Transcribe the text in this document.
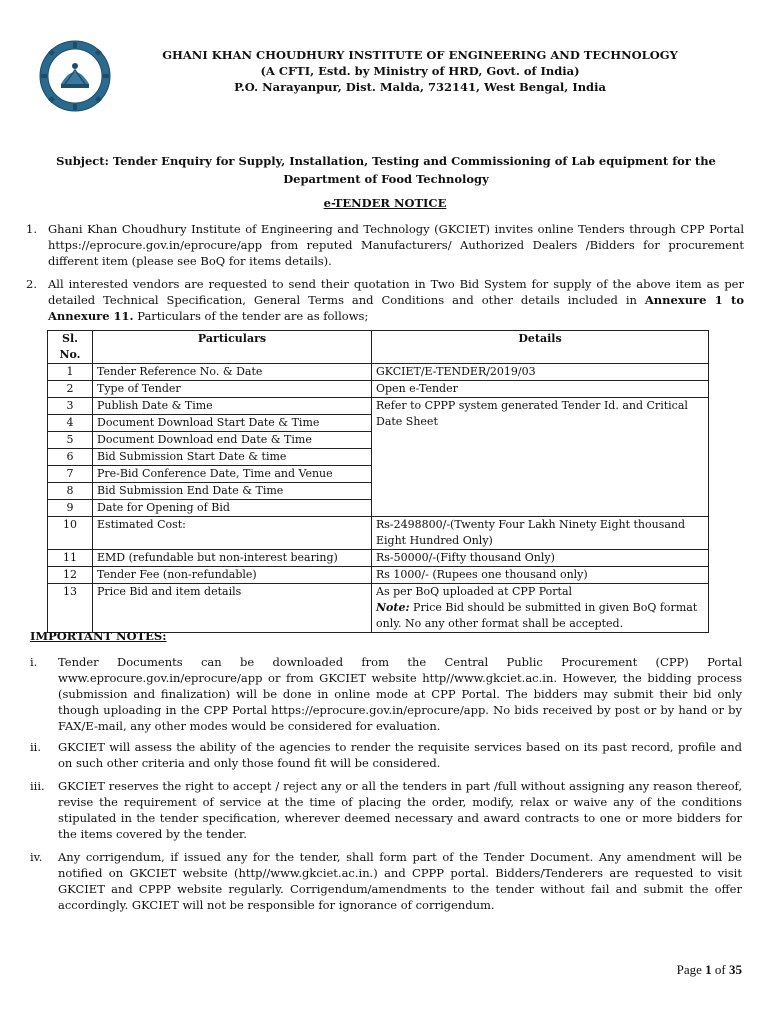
GHANI KHAN CHOUDHURY INSTITUTE OF ENGINEERING AND TECHNOLOGY
(A CFTI, Estd. by Ministry of HRD, Govt. of India)
P.O. Narayanpur, Dist. Malda, 732141, West Bengal, India
Subject: Tender Enquiry for Supply, Installation, Testing and Commissioning of Lab equipment for the Department of Food Technology
e-TENDER NOTICE
1. Ghani Khan Choudhury Institute of Engineering and Technology (GKCIET) invites online Tenders through CPP Portal https://eprocure.gov.in/eprocure/app from reputed Manufacturers/ Authorized Dealers /Bidders for procurement different item (please see BoQ for items details).
2. All interested vendors are requested to send their quotation in Two Bid System for supply of the above item as per detailed Technical Specification, General Terms and Conditions and other details included in Annexure 1 to Annexure 11. Particulars of the tender are as follows;
Sl. No.	Particulars	Details
1	Tender Reference No. & Date	GKCIET/E-TENDER/2019/03
2	Type of Tender	Open e-Tender
3	Publish Date & Time	Refer to CPPP system generated Tender Id. and Critical Date Sheet
4	Document Download Start Date & Time	
5	Document Download end Date & Time	
6	Bid Submission Start Date & time	
7	Pre-Bid Conference Date, Time and Venue	
8	Bid Submission End Date & Time	
9	Date for Opening of Bid	
10	Estimated Cost:	Rs-2498800/-(Twenty Four Lakh Ninety Eight thousand Eight Hundred Only)
11	EMD (refundable but non-interest bearing)	Rs-50000/-(Fifty thousand Only)
12	Tender Fee (non-refundable)	Rs 1000/- (Rupees one thousand only)
13	Price Bid and item details	As per BoQ uploaded at CPP Portal
Note: Price Bid should be submitted in given BoQ format only. No any other format shall be accepted.
IMPORTANT NOTES:
i.	Tender Documents can be downloaded from the Central Public Procurement (CPP) Portal www.eprocure.gov.in/eprocure/app or from GKCIET website http//www.gkciet.ac.in. However, the bidding process (submission and finalization) will be done in online mode at CPP Portal. The bidders may submit their bid only though uploading in the CPP Portal https://eprocure.gov.in/eprocure/app. No bids received by post or by hand or by FAX/E-mail, any other modes would be considered for evaluation.
ii.	GKCIET will assess the ability of the agencies to render the requisite services based on its past record, profile and on such other criteria and only those found fit will be considered.
iii.	GKCIET reserves the right to accept / reject any or all the tenders in part /full without assigning any reason thereof, revise the requirement of service at the time of placing the order, modify, relax or waive any of the conditions stipulated in the tender specification, wherever deemed necessary and award contracts to one or more bidders for the items covered by the tender.
iv.	Any corrigendum, if issued any for the tender, shall form part of the Tender Document. Any amendment will be notified on GKCIET website (http//www.gkciet.ac.in.) and CPPP portal. Bidders/Tenderers are requested to visit GKCIET and CPPP website regularly. Corrigendum/amendments to the tender without fail and submit the offer accordingly. GKCIET will not be responsible for ignorance of corrigendum.
Page 1 of 35
